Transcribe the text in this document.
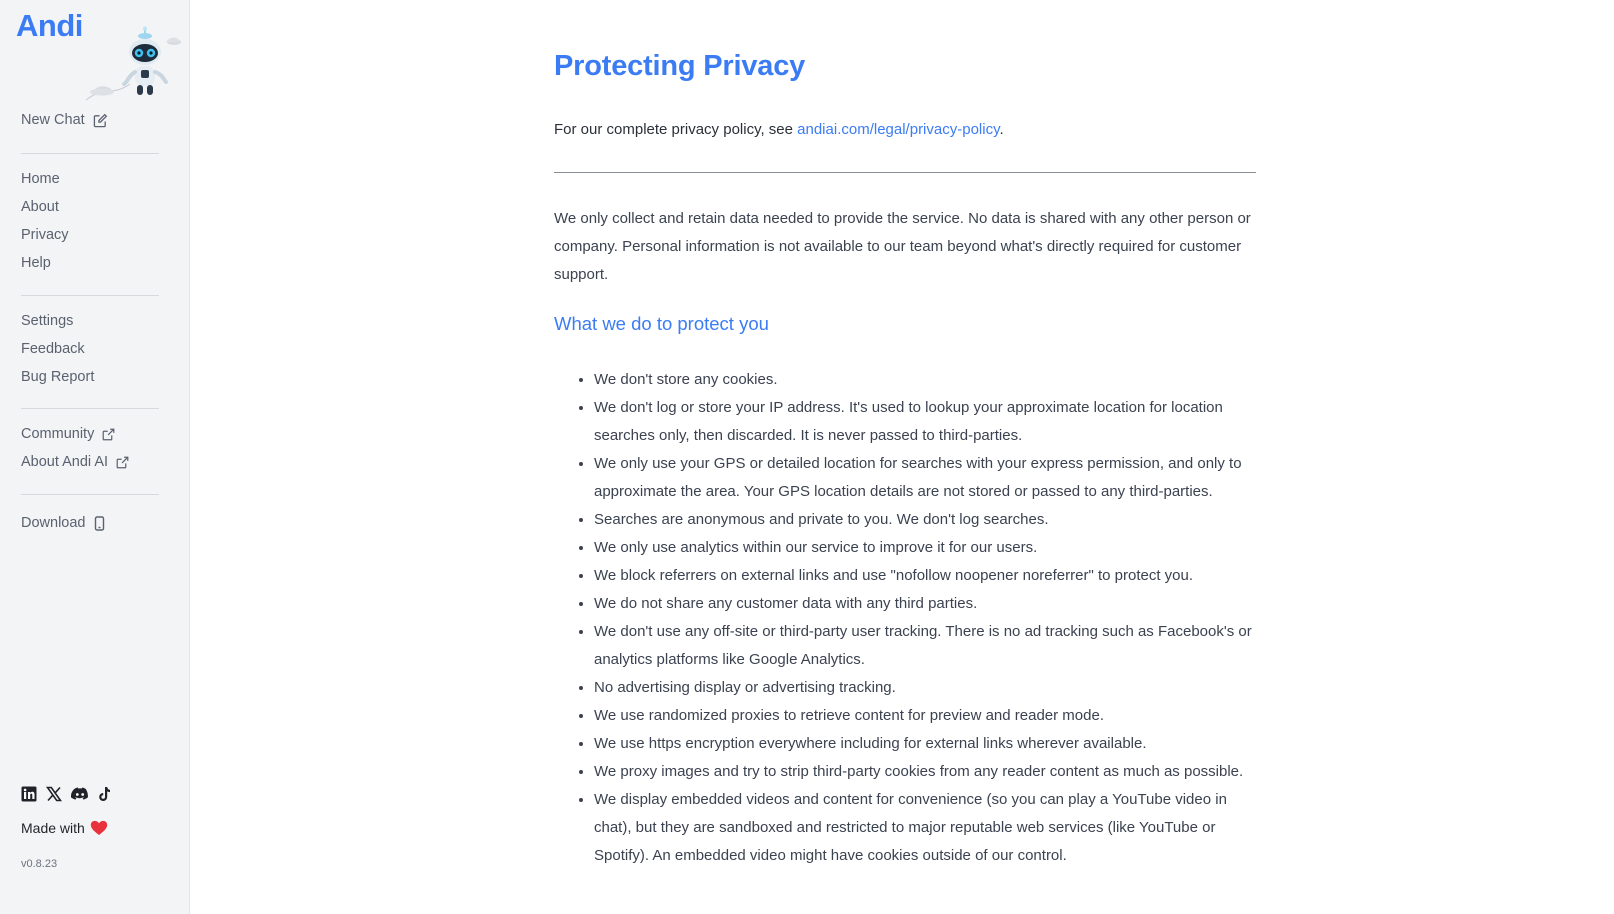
Andi
New Chat
Home
About
Privacy
Help
Settings
Feedback
Bug Report
Community
About Andi AI
Download
Made with
v0.8.23
Protecting Privacy

For our complete privacy policy, see andiai.com/legal/privacy-policy.

We only collect and retain data needed to provide the service. No data is shared with any other person or company. Personal information is not available to our team beyond what's directly required for customer support.

What we do to protect you
• We don't store any cookies.
• We don't log or store your IP address. It's used to lookup your approximate location for location searches only, then discarded. It is never passed to third-parties.
• We only use your GPS or detailed location for searches with your express permission, and only to approximate the area. Your GPS location details are not stored or passed to any third-parties.
• Searches are anonymous and private to you. We don't log searches.
• We only use analytics within our service to improve it for our users.
• We block referrers on external links and use "nofollow noopener noreferrer" to protect you.
• We do not share any customer data with any third parties.
• We don't use any off-site or third-party user tracking. There is no ad tracking such as Facebook's or analytics platforms like Google Analytics.
• No advertising display or advertising tracking.
• We use randomized proxies to retrieve content for preview and reader mode.
• We use https encryption everywhere including for external links wherever available.
• We proxy images and try to strip third-party cookies from any reader content as much as possible.
• We display embedded videos and content for convenience (so you can play a YouTube video in chat), but they are sandboxed and restricted to major reputable web services (like YouTube or Spotify). An embedded video might have cookies outside of our control.
